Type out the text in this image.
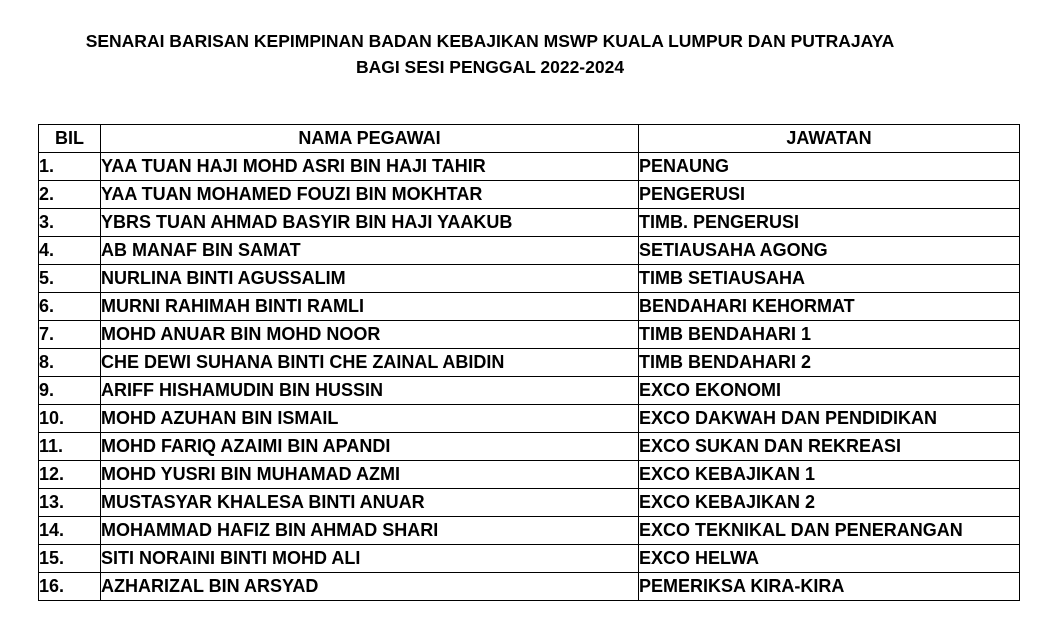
SENARAI BARISAN KEPIMPINAN BADAN KEBAJIKAN MSWP KUALA LUMPUR DAN PUTRAJAYA
BAGI SESI PENGGAL 2022-2024
BIL	NAMA PEGAWAI	JAWATAN
1.	YAA TUAN HAJI MOHD ASRI BIN HAJI TAHIR	PENAUNG
2.	YAA TUAN MOHAMED FOUZI BIN MOKHTAR	PENGERUSI
3.	YBRS TUAN AHMAD BASYIR BIN HAJI YAAKUB	TIMB. PENGERUSI
4.	AB MANAF BIN SAMAT	SETIAUSAHA AGONG
5.	NURLINA BINTI AGUSSALIM	TIMB SETIAUSAHA
6.	MURNI RAHIMAH BINTI RAMLI	BENDAHARI KEHORMAT
7.	MOHD ANUAR BIN MOHD NOOR	TIMB BENDAHARI 1
8.	CHE DEWI SUHANA BINTI CHE ZAINAL ABIDIN	TIMB BENDAHARI 2
9.	ARIFF HISHAMUDIN BIN HUSSIN	EXCO EKONOMI
10.	MOHD AZUHAN BIN ISMAIL	EXCO DAKWAH DAN PENDIDIKAN
11.	MOHD FARIQ AZAIMI BIN APANDI	EXCO SUKAN DAN REKREASI
12.	MOHD YUSRI BIN MUHAMAD AZMI	EXCO KEBAJIKAN 1
13.	MUSTASYAR KHALESA BINTI ANUAR	EXCO KEBAJIKAN 2
14.	MOHAMMAD HAFIZ BIN AHMAD SHARI	EXCO TEKNIKAL DAN PENERANGAN
15.	SITI NORAINI BINTI MOHD ALI	EXCO HELWA
16.	AZHARIZAL BIN ARSYAD	PEMERIKSA KIRA-KIRA
